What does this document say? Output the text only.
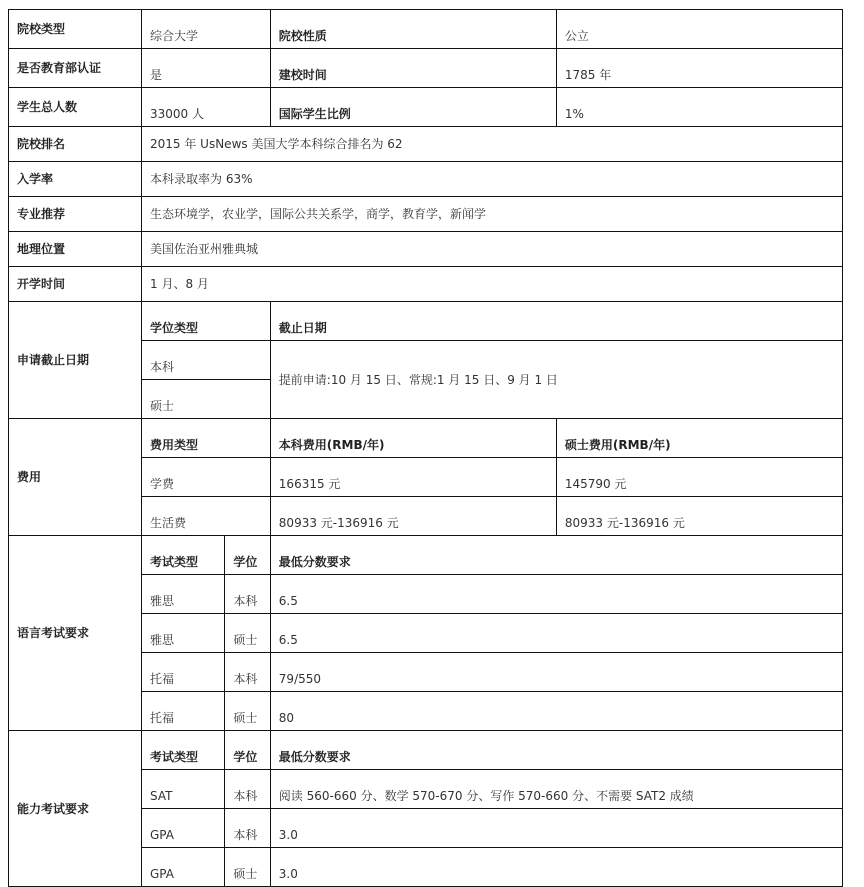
院校类型	综合大学		院校性质	公立
是否教育部认证	是		建校时间	1785 年
学生总人数	33000 人		国际学生比例	1%
院校排名	2015 年 UsNews 美国大学本科综合排名为 62			
入学率	本科录取率为 63%			
专业推荐	生态环境学，农业学，国际公共关系学，商学，教育学，新闻学			
地理位置	美国佐治亚州雅典城			
开学时间	1 月、8 月			
申请截止日期	学位类型		截止日期	
	本科		提前申请:10 月 15 日、常规:1 月 15 日、9 月 1 日	
	硕士			
费用	费用类型		本科费用(RMB/年)	硕士费用(RMB/年)
	学费		166315 元	145790 元
	生活费		80933 元-136916 元	80933 元-136916 元
语言考试要求	考试类型	学位	最低分数要求	
	雅思	本科	6.5	
	雅思	硕士	6.5	
	托福	本科	79/550	
	托福	硕士	80	
能力考试要求	考试类型	学位	最低分数要求	
	SAT	本科	阅读 560-660 分、数学 570-670 分、写作 570-660 分、不需要 SAT2 成绩	
	GPA	本科	3.0	
	GPA	硕士	3.0	
